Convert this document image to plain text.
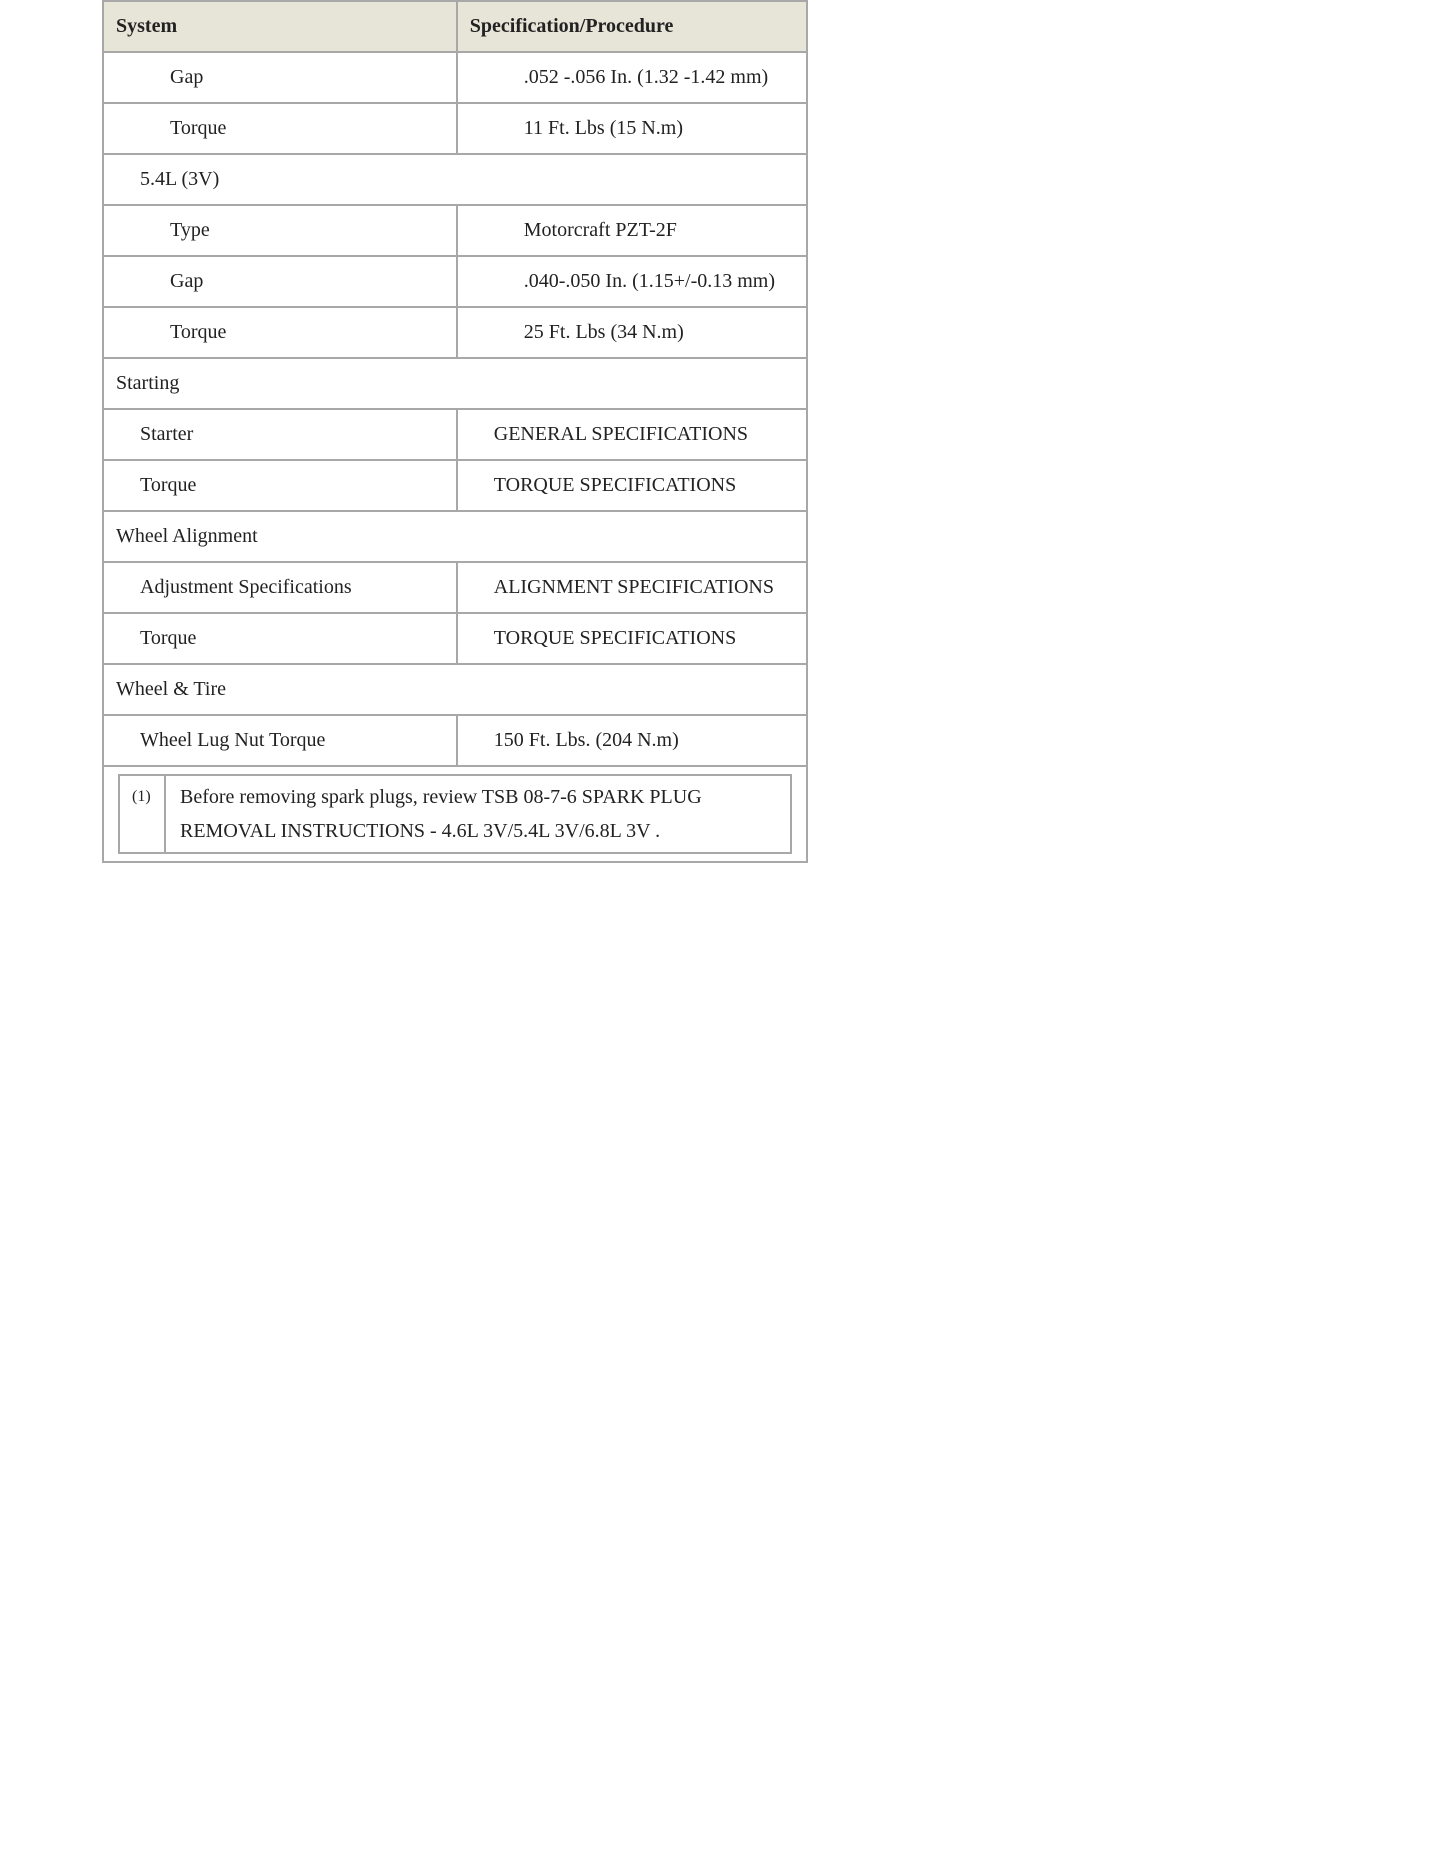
System	Specification/Procedure
Gap	.052 -.056 In. (1.32 -1.42 mm)
Torque	11 Ft. Lbs (15 N.m)
5.4L (3V)
Type	Motorcraft PZT-2F
Gap	.040-.050 In. (1.15+/-0.13 mm)
Torque	25 Ft. Lbs (34 N.m)
Starting
Starter	GENERAL SPECIFICATIONS
Torque	TORQUE SPECIFICATIONS
Wheel Alignment
Adjustment Specifications	ALIGNMENT SPECIFICATIONS
Torque	TORQUE SPECIFICATIONS
Wheel & Tire
Wheel Lug Nut Torque	150 Ft. Lbs. (204 N.m)

(1)	Before removing spark plugs, review TSB 08-7-6 SPARK PLUG REMOVAL INSTRUCTIONS - 4.6L 3V/5.4L 3V/6.8L 3V .
